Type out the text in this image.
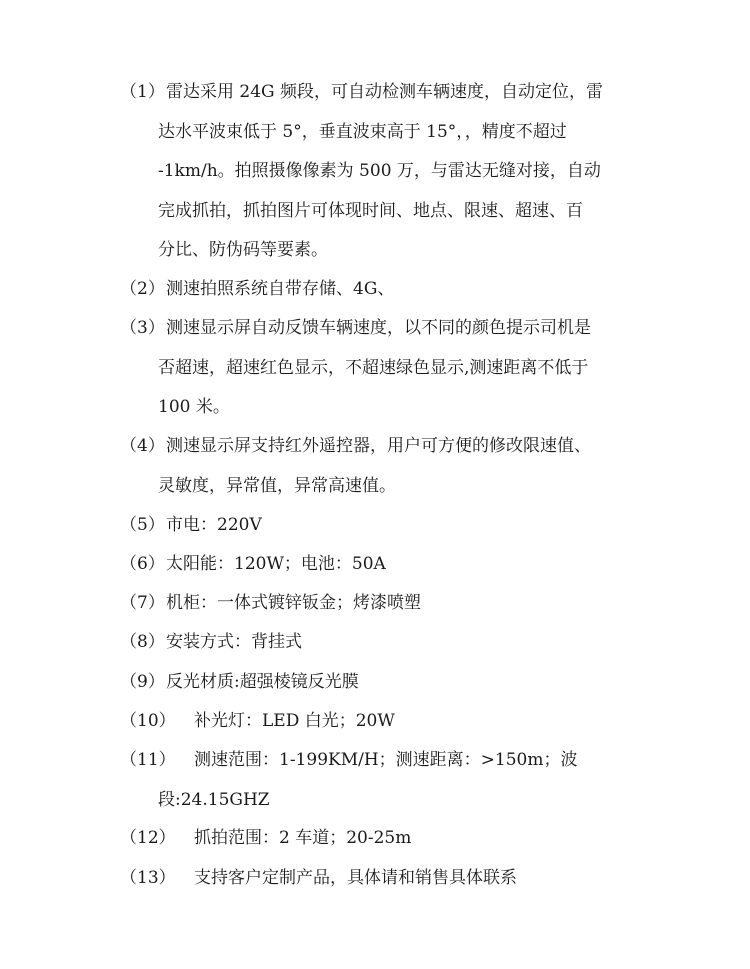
（1）雷达采用 24G 频段，可自动检测车辆速度，自动定位，雷
达水平波束低于 5°，垂直波束高于 15°，，精度不超过
-1km/h。拍照摄像像素为 500 万，与雷达无缝对接，自动
完成抓拍，抓拍图片可体现时间、地点、限速、超速、百
分比、防伪码等要素。
（2）测速拍照系统自带存储、4G、
（3）测速显示屏自动反馈车辆速度，以不同的颜色提示司机是
否超速，超速红色显示，不超速绿色显示,测速距离不低于
100 米。
（4）测速显示屏支持红外遥控器，用户可方便的修改限速值、
灵敏度，异常值，异常高速值。
（5）市电：220V
（6）太阳能：120W；电池：50A
（7）机柜：一体式镀锌钣金；烤漆喷塑
（8）安装方式：背挂式
（9）反光材质:超强棱镜反光膜
（10） 补光灯：LED 白光；20W
（11） 测速范围：1-199KM/H；测速距离：>150m；波
段:24.15GHZ
（12） 抓拍范围：2 车道；20-25m
（13） 支持客户定制产品，具体请和销售具体联系
